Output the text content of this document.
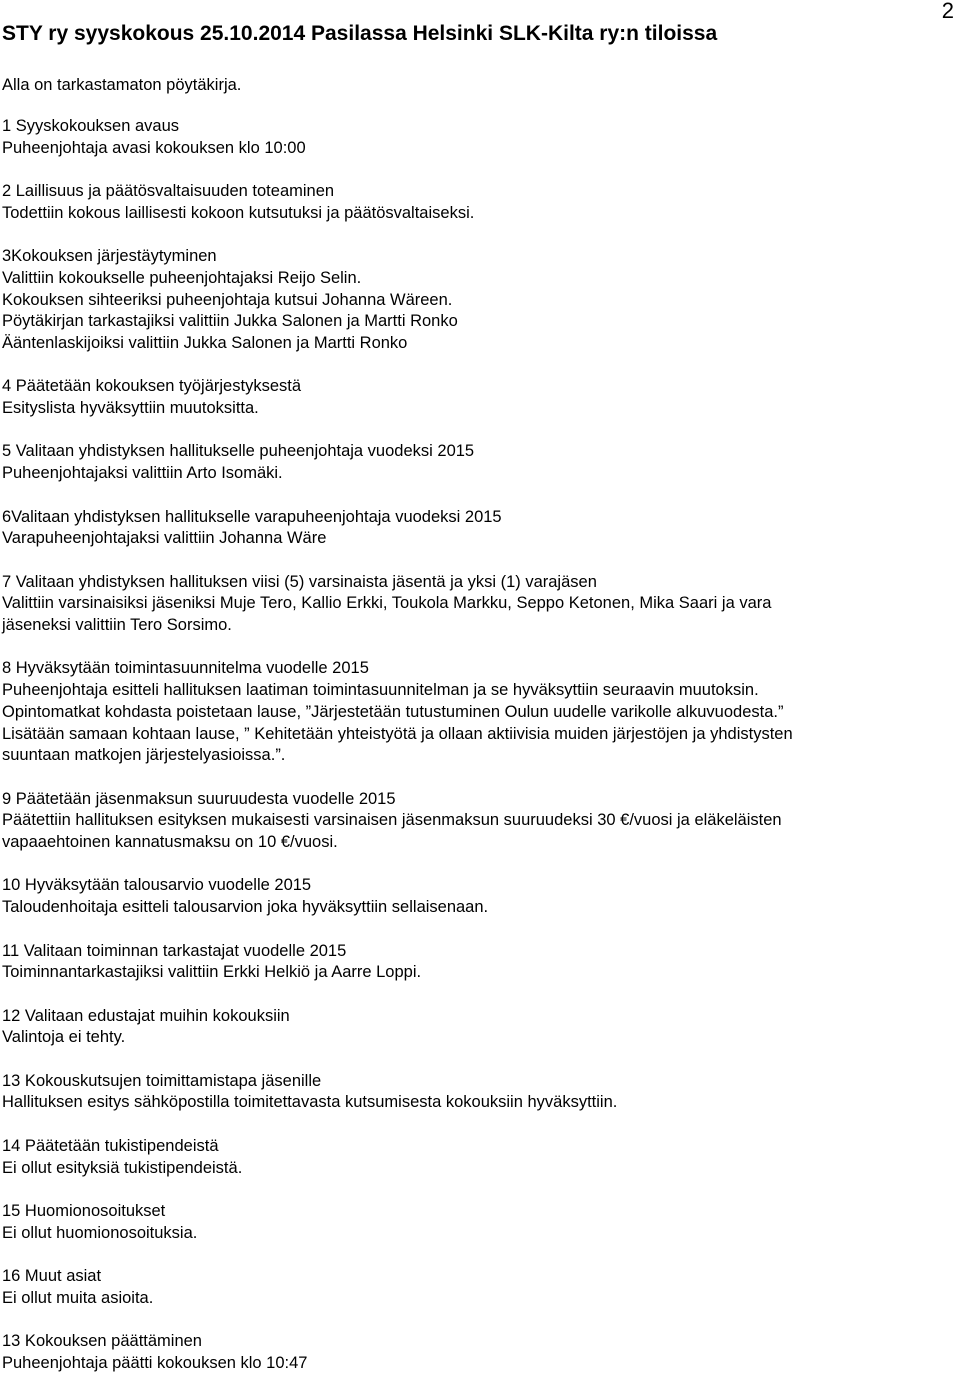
2
STY ry syyskokous 25.10.2014 Pasilassa Helsinki SLK-Kilta ry:n tiloissa
Alla on tarkastamaton pöytäkirja.
1 Syyskokouksen avaus
Puheenjohtaja avasi kokouksen klo 10:00
2 Laillisuus ja päätösvaltaisuuden toteaminen
Todettiin kokous laillisesti kokoon kutsutuksi ja päätösvaltaiseksi.
3Kokouksen järjestäytyminen
Valittiin kokoukselle puheenjohtajaksi Reijo Selin.
Kokouksen sihteeriksi puheenjohtaja kutsui Johanna Wäreen.
Pöytäkirjan tarkastajiksi valittiin Jukka Salonen ja Martti Ronko
Ääntenlaskijoiksi valittiin Jukka Salonen ja Martti Ronko
4 Päätetään kokouksen työjärjestyksestä
Esityslista hyväksyttiin muutoksitta.
5 Valitaan yhdistyksen hallitukselle puheenjohtaja vuodeksi 2015
Puheenjohtajaksi valittiin Arto Isomäki.
6Valitaan yhdistyksen hallitukselle varapuheenjohtaja vuodeksi 2015
Varapuheenjohtajaksi valittiin Johanna Wäre
7 Valitaan yhdistyksen hallituksen viisi (5) varsinaista jäsentä ja yksi (1) varajäsen
Valittiin varsinaisiksi jäseniksi Muje Tero, Kallio Erkki, Toukola Markku, Seppo Ketonen, Mika Saari ja vara
jäseneksi valittiin Tero Sorsimo.
8 Hyväksytään toimintasuunnitelma vuodelle 2015
Puheenjohtaja esitteli hallituksen laatiman toimintasuunnitelman ja se hyväksyttiin seuraavin muutoksin.
Opintomatkat kohdasta poistetaan lause, ”Järjestetään tutustuminen Oulun uudelle varikolle alkuvuodesta.”
Lisätään samaan kohtaan lause, ” Kehitetään yhteistyötä ja ollaan aktiivisia muiden järjestöjen ja yhdistysten
suuntaan matkojen järjestelyasioissa.”.
9 Päätetään jäsenmaksun suuruudesta vuodelle 2015
Päätettiin hallituksen esityksen mukaisesti varsinaisen jäsenmaksun suuruudeksi 30 €/vuosi ja eläkeläisten
vapaaehtoinen kannatusmaksu on 10 €/vuosi.
10 Hyväksytään talousarvio vuodelle 2015
Taloudenhoitaja esitteli talousarvion joka hyväksyttiin sellaisenaan.
11 Valitaan toiminnan tarkastajat vuodelle 2015
Toiminnantarkastajiksi valittiin Erkki Helkiö ja Aarre Loppi.
12 Valitaan edustajat muihin kokouksiin
Valintoja ei tehty.
13 Kokouskutsujen toimittamistapa jäsenille
Hallituksen esitys sähköpostilla toimitettavasta kutsumisesta kokouksiin hyväksyttiin.
14 Päätetään tukistipendeistä
Ei ollut esityksiä tukistipendeistä.
15 Huomionosoitukset
Ei ollut huomionosoituksia.
16 Muut asiat
Ei ollut muita asioita.
13 Kokouksen päättäminen
Puheenjohtaja päätti kokouksen klo 10:47
